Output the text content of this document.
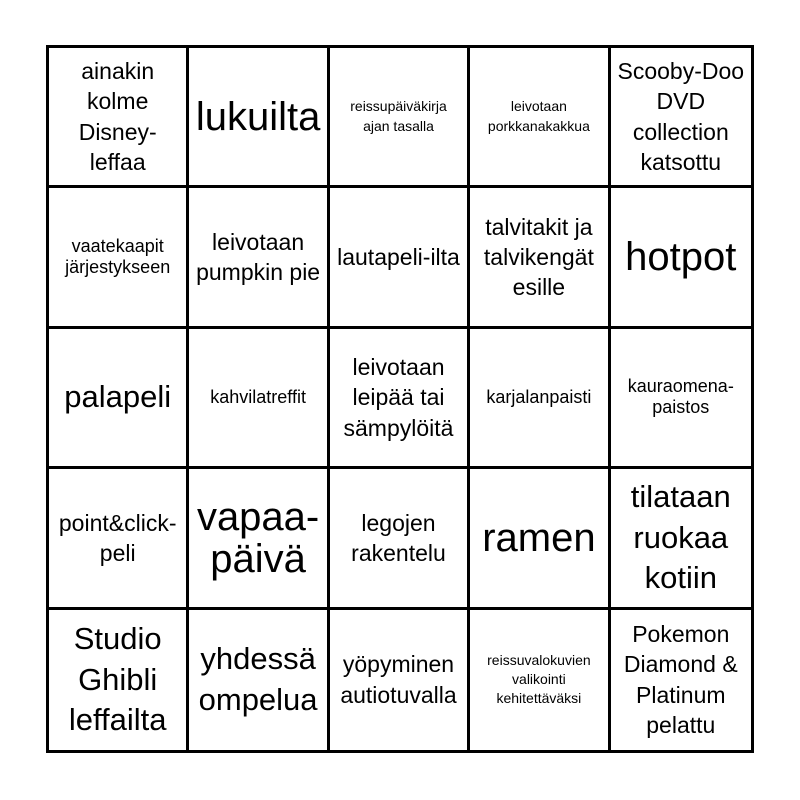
ainakin kolme Disney-leffaa
lukuilta	reissupäiväkirja ajan tasalla
leivotaan porkkanakakkua
Scooby-Doo DVD collection katsottu
vaatekaapit järjestykseen
leivotaan pumpkin pie
lautapeli-ilta
talvitakit ja talvikengät esille
hotpot
palapeli	kahvilatreffit
leivotaan leipää tai sämpylöitä
karjalanpaisti
kauraomena-paistos
point&click-peli
vapaa-päivä
legojen rakentelu ramen
tilataan ruokaa kotiin
Studio Ghibli leffailta
yhdessä ompelua
yöpyminen autiotuvalla
reissuvalokuvien valikointi kehitettäväksi
Pokemon Diamond & Platinum pelattu
